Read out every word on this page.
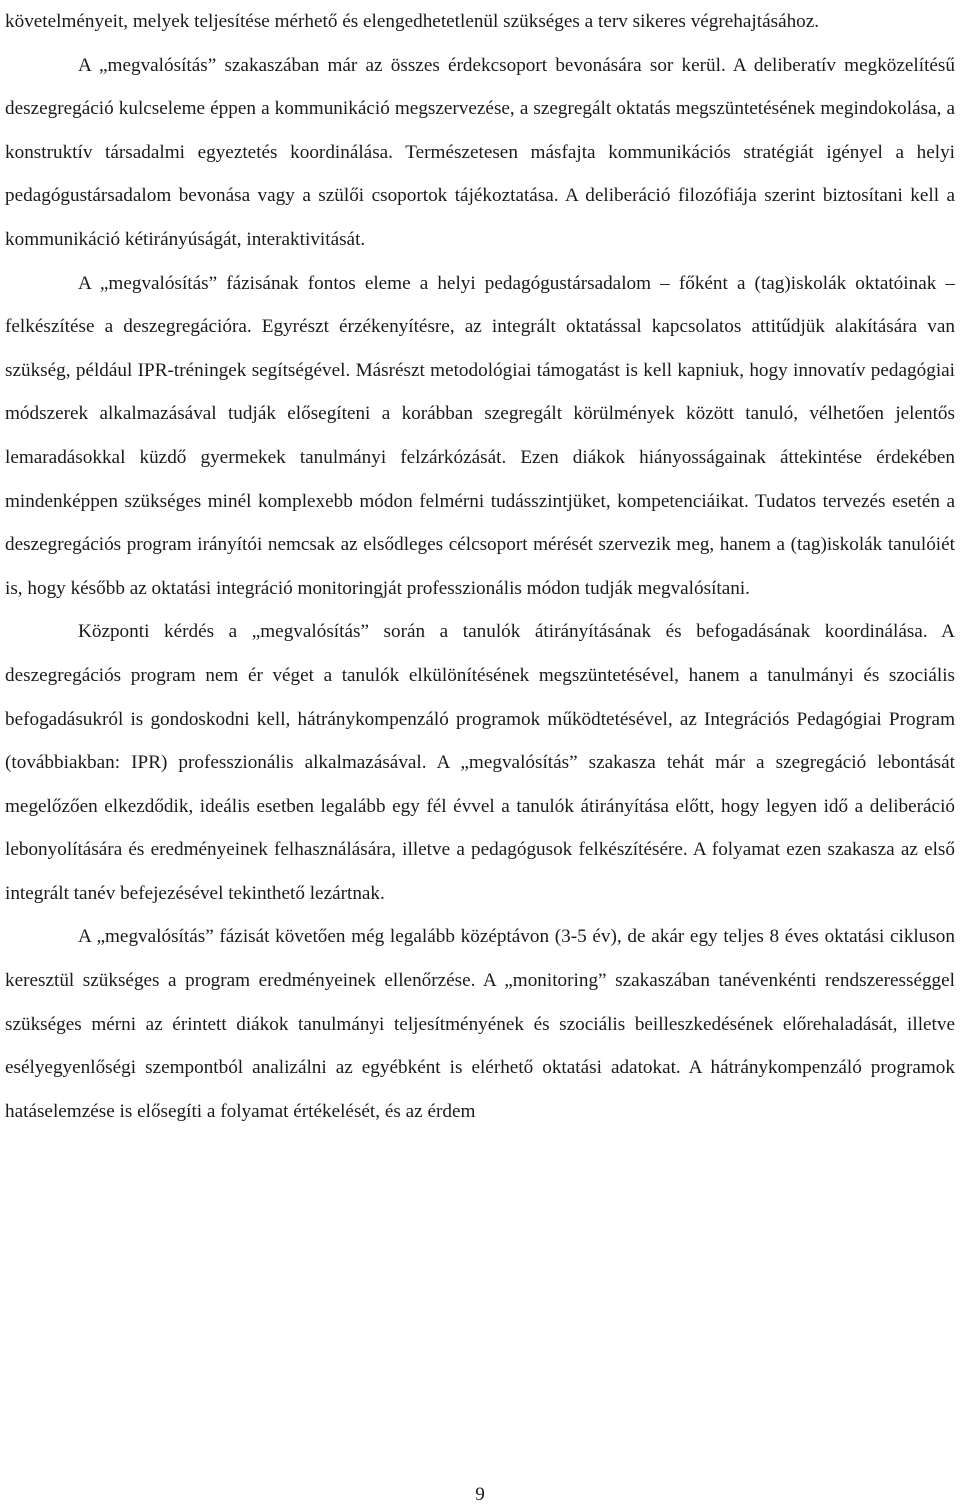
követelményeit, melyek teljesítése mérhető és elengedhetetlenül szükséges a terv sikeres végrehajtásához.

A „megvalósítás” szakaszában már az összes érdekcsoport bevonására sor kerül. A deliberatív megközelítésű deszegregáció kulcseleme éppen a kommunikáció megszervezése, a szegregált oktatás megszüntetésének megindokolása, a konstruktív társadalmi egyeztetés koordinálása. Természetesen másfajta kommunikációs stratégiát igényel a helyi pedagógustársadalom bevonása vagy a szülői csoportok tájékoztatása. A deliberáció filozófiája szerint biztosítani kell a kommunikáció kétirányúságát, interaktivitását.

A „megvalósítás” fázisának fontos eleme a helyi pedagógustársadalom – főként a (tag)iskolák oktatóinak – felkészítése a deszegregációra. Egyrészt érzékenyítésre, az integrált oktatással kapcsolatos attitűdjük alakítására van szükség, például IPR-tréningek segítségével. Másrészt metodológiai támogatást is kell kapniuk, hogy innovatív pedagógiai módszerek alkalmazásával tudják elősegíteni a korábban szegregált körülmények között tanuló, vélhetően jelentős lemaradásokkal küzdő gyermekek tanulmányi felzárkózását. Ezen diákok hiányosságainak áttekintése érdekében mindenképpen szükséges minél komplexebb módon felmérni tudásszintjüket, kompetenciáikat. Tudatos tervezés esetén a deszegregációs program irányítói nemcsak az elsődleges célcsoport mérését szervezik meg, hanem a (tag)iskolák tanulóiét is, hogy később az oktatási integráció monitoringját professzionális módon tudják megvalósítani.

Központi kérdés a „megvalósítás” során a tanulók átirányításának és befogadásának koordinálása. A deszegregációs program nem ér véget a tanulók elkülönítésének megszüntetésével, hanem a tanulmányi és szociális befogadásukról is gondoskodni kell, hátránykompenzáló programok működtetésével, az Integrációs Pedagógiai Program (továbbiakban: IPR) professzionális alkalmazásával. A „megvalósítás” szakasza tehát már a szegregáció lebontását megelőzően elkezdődik, ideális esetben legalább egy fél évvel a tanulók átirányítása előtt, hogy legyen idő a deliberáció lebonyolítására és eredményeinek felhasználására, illetve a pedagógusok felkészítésére. A folyamat ezen szakasza az első integrált tanév befejezésével tekinthető lezártnak.

A „megvalósítás” fázisát követően még legalább középtávon (3-5 év), de akár egy teljes 8 éves oktatási cikluson keresztül szükséges a program eredményeinek ellenőrzése. A „monitoring” szakaszában tanévenkénti rendszerességgel szükséges mérni az érintett diákok tanulmányi teljesítményének és szociális beilleszkedésének előrehaladását, illetve esélyegyenlőségi szempontból analizálni az egyébként is elérhető oktatási adatokat. A hátránykompenzáló programok hatáselemzése is elősegíti a folyamat értékelését, és az érdem

9
